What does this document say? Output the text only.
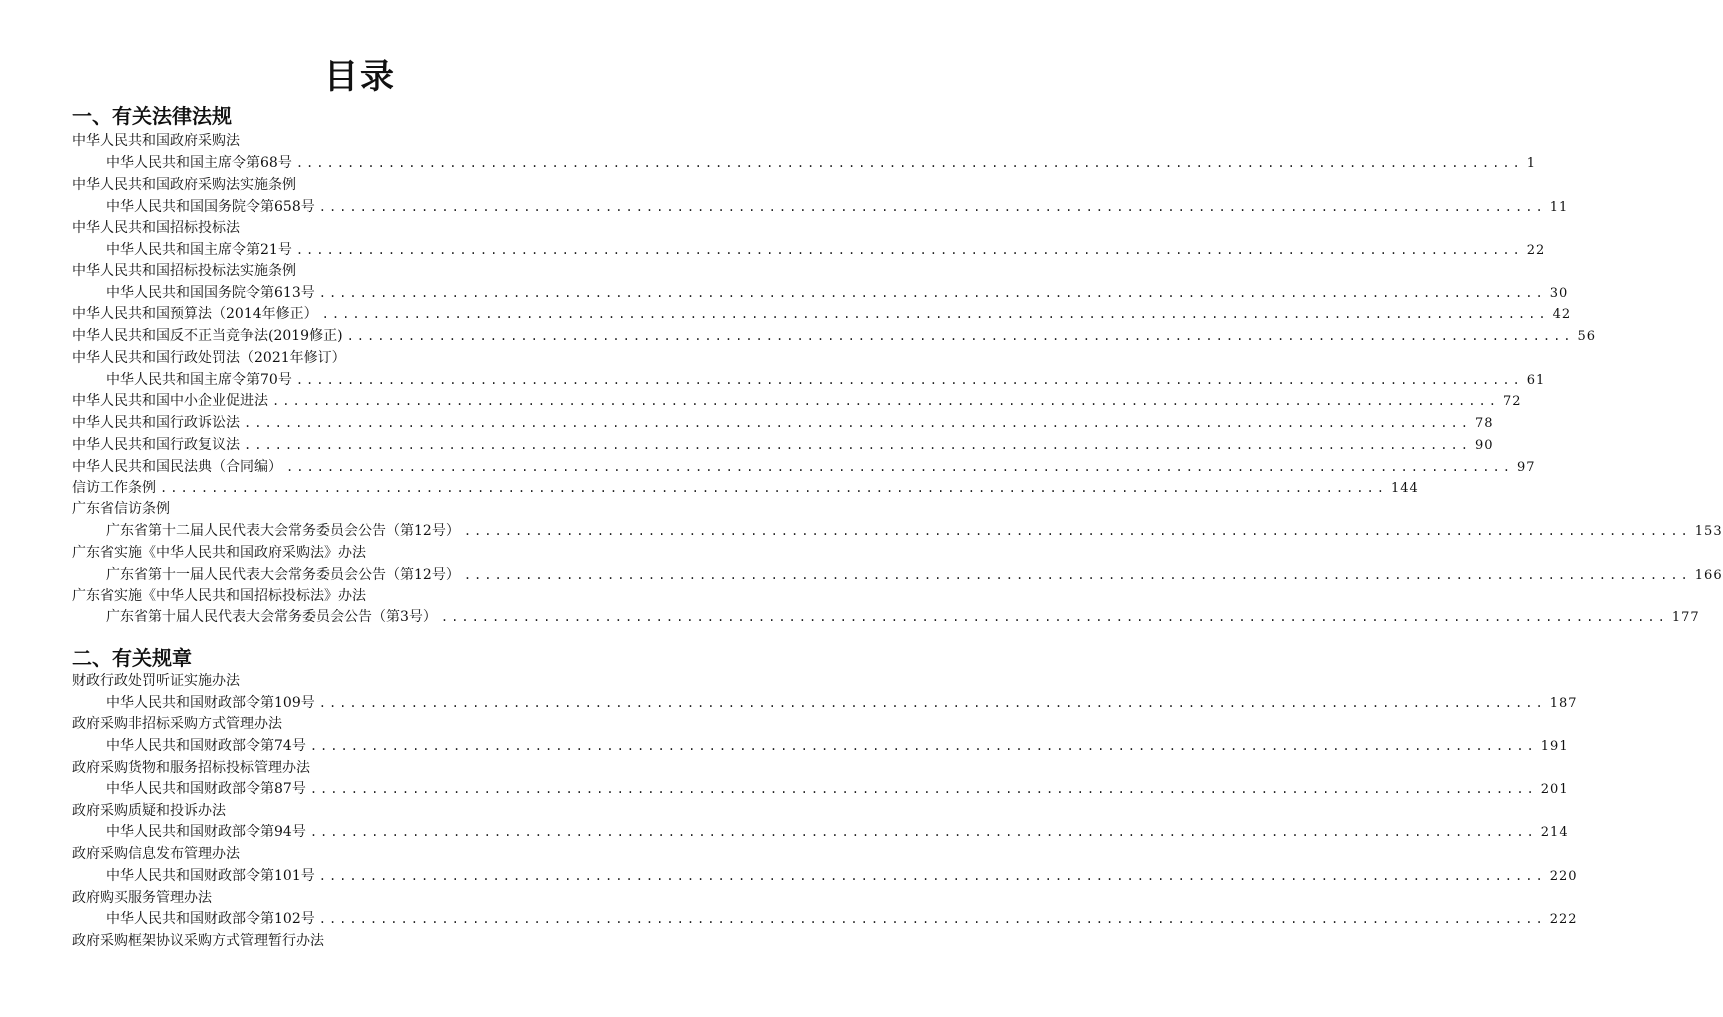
目录
一、有关法律法规
中华人民共和国政府采购法
中华人民共和国主席令第68号 ........................................................................................................................ 1
中华人民共和国政府采购法实施条例
中华人民共和国国务院令第658号 ........................................................................................................................ 11
中华人民共和国招标投标法
中华人民共和国主席令第21号 ........................................................................................................................ 22
中华人民共和国招标投标法实施条例
中华人民共和国国务院令第613号 ........................................................................................................................ 30
中华人民共和国预算法（2014年修正） ........................................................................................................................ 42
中华人民共和国反不正当竞争法(2019修正) ........................................................................................................................ 56
中华人民共和国行政处罚法（2021年修订）
中华人民共和国主席令第70号 ........................................................................................................................ 61
中华人民共和国中小企业促进法 ........................................................................................................................ 72
中华人民共和国行政诉讼法 ........................................................................................................................ 78
中华人民共和国行政复议法 ........................................................................................................................ 90
中华人民共和国民法典（合同编） ........................................................................................................................ 97
信访工作条例 ........................................................................................................................ 144
广东省信访条例
广东省第十二届人民代表大会常务委员会公告（第12号） ........................................................................................................................ 153
广东省实施《中华人民共和国政府采购法》办法
广东省第十一届人民代表大会常务委员会公告（第12号） ........................................................................................................................ 166
广东省实施《中华人民共和国招标投标法》办法
广东省第十届人民代表大会常务委员会公告（第3号） ........................................................................................................................ 177
二、有关规章
财政行政处罚听证实施办法
中华人民共和国财政部令第109号 ........................................................................................................................ 187
政府采购非招标采购方式管理办法
中华人民共和国财政部令第74号 ........................................................................................................................ 191
政府采购货物和服务招标投标管理办法
中华人民共和国财政部令第87号 ........................................................................................................................ 201
政府采购质疑和投诉办法
中华人民共和国财政部令第94号 ........................................................................................................................ 214
政府采购信息发布管理办法
中华人民共和国财政部令第101号 ........................................................................................................................ 220
政府购买服务管理办法
中华人民共和国财政部令第102号 ........................................................................................................................ 222
政府采购框架协议采购方式管理暂行办法
